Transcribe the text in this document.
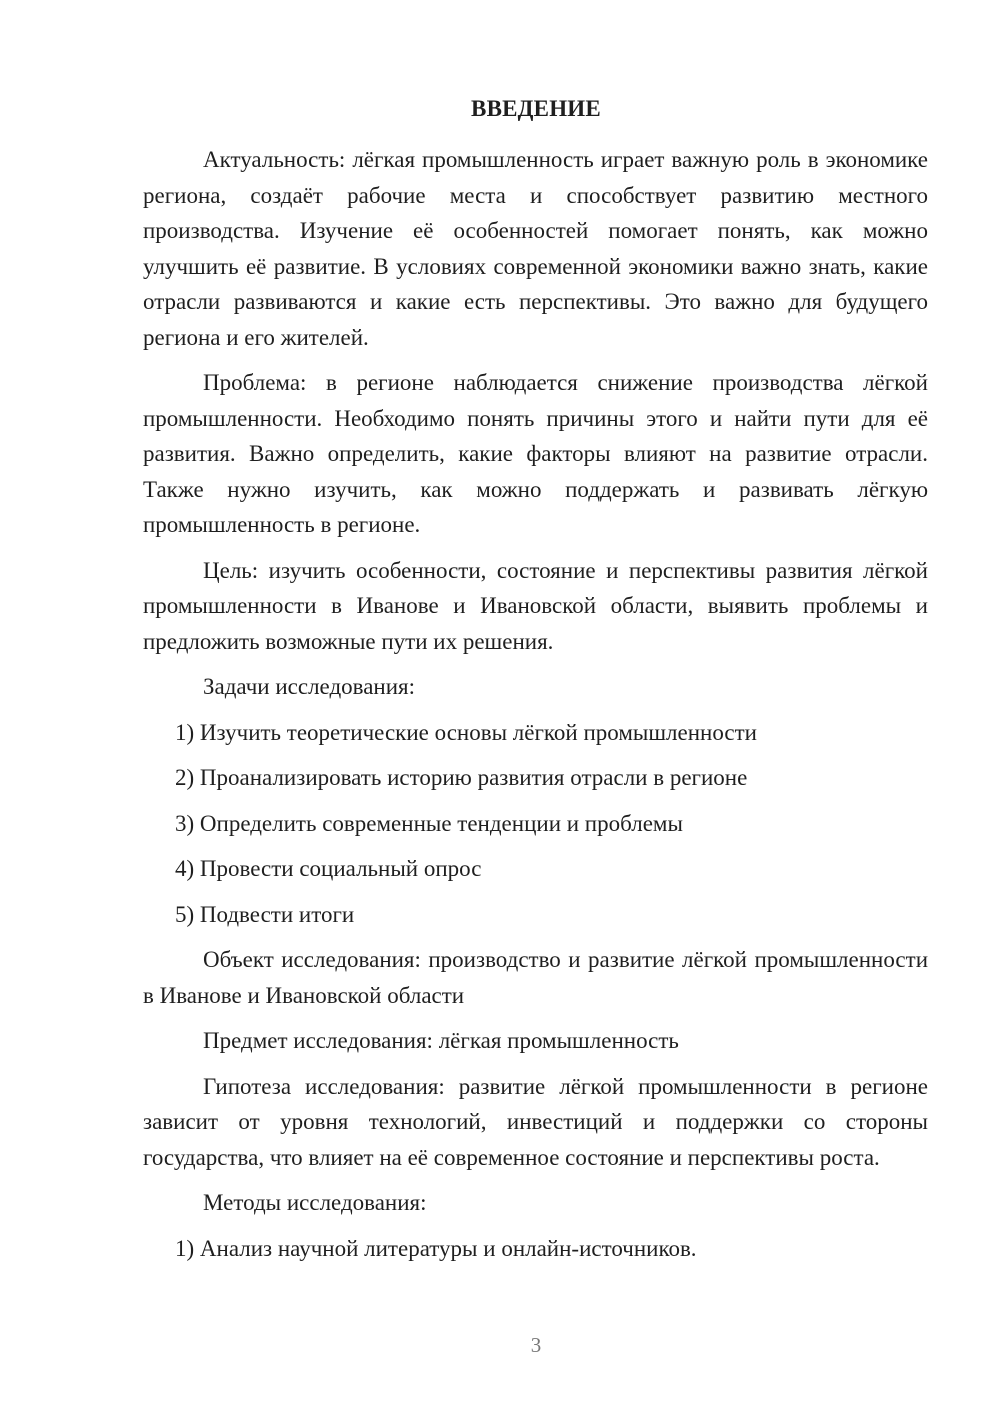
ВВЕДЕНИЕ

Актуальность: лёгкая промышленность играет важную роль в экономике региона, создаёт рабочие места и способствует развитию местного производства. Изучение её особенностей помогает понять, как можно улучшить её развитие. В условиях современной экономики важно знать, какие отрасли развиваются и какие есть перспективы. Это важно для будущего региона и его жителей.

Проблема: в регионе наблюдается снижение производства лёгкой промышленности. Необходимо понять причины этого и найти пути для её развития. Важно определить, какие факторы влияют на развитие отрасли. Также нужно изучить, как можно поддержать и развивать лёгкую промышленность в регионе.

Цель: изучить особенности, состояние и перспективы развития лёгкой промышленности в Иванове и Ивановской области, выявить проблемы и предложить возможные пути их решения.

Задачи исследования:

1) Изучить теоретические основы лёгкой промышленности

2) Проанализировать историю развития отрасли в регионе

3) Определить современные тенденции и проблемы

4) Провести социальный опрос

5) Подвести итоги

Объект исследования: производство и развитие лёгкой промышленности в Иванове и Ивановской области

Предмет исследования: лёгкая промышленность

Гипотеза исследования: развитие лёгкой промышленности в регионе зависит от уровня технологий, инвестиций и поддержки со стороны государства, что влияет на её современное состояние и перспективы роста.

Методы исследования:

1) Анализ научной литературы и онлайн-источников.

3
